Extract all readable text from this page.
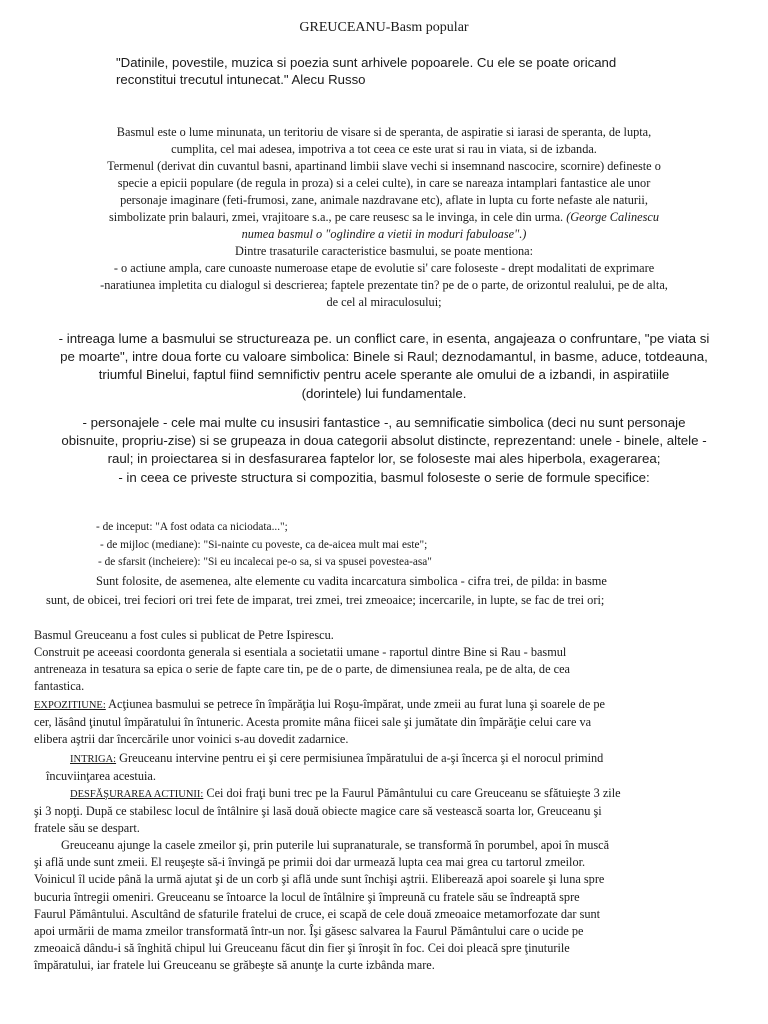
GREUCEANU-Basm popular
"Datinile, povestile, muzica si poezia sunt arhivele popoarele. Cu ele se poate oricand
reconstitui trecutul intunecat." Alecu Russo
Basmul este o lume minunata, un teritoriu de visare si de speranta, de aspiratie si iarasi de speranta, de lupta,
cumplita, cel mai adesea, impotriva a tot ceea ce este urat si rau in viata, si de izbanda.
Termenul (derivat din cuvantul basni, apartinand limbii slave vechi si insemnand nascocire, scornire) defineste o
specie a epicii populare (de regula in proza) si a celei culte), in care se nareaza intamplari fantastice ale unor
personaje imaginare (feti-frumosi, zane, animale nazdravane etc), aflate in lupta cu forte nefaste ale naturii,
simbolizate prin balauri, zmei, vrajitoare s.a., pe care reusesc sa le invinga, in cele din urma. (George Calinescu
numea basmul o "oglindire a vietii in moduri fabuloase".)
Dintre trasaturile caracteristice basmului, se poate mentiona:
- o actiune ampla, care cunoaste numeroase etape de evolutie si' care foloseste - drept modalitati de exprimare
-naratiunea impletita cu dialogul si descrierea; faptele prezentate tin? pe de o parte, de orizontul realului, pe de alta,
de cel al miraculosului;
- intreaga lume a basmului se structureaza pe. un conflict care, in esenta, angajeaza o confruntare, "pe viata si
pe moarte", intre doua forte cu valoare simbolica: Binele si Raul; deznodamantul, in basme, aduce, totdeauna,
triumful Binelui, faptul fiind semnifictiv pentru acele sperante ale omului de a izbandi, in aspiratiile
(dorintele) lui fundamentale.
- personajele - cele mai multe cu insusiri fantastice -, au semnificatie simbolica (deci nu sunt personaje
obisnuite, propriu-zise) si se grupeaza in doua categorii absolut distincte, reprezentand: unele - binele, altele -
raul; in proiectarea si in desfasurarea faptelor lor, se foloseste mai ales hiperbola, exagerarea;
- in ceea ce priveste structura si compozitia, basmul foloseste o serie de formule specifice:
- de inceput: "A fost odata ca niciodata...";
- de mijloc (mediane): "Si-nainte cu poveste, ca de-aicea mult mai este";
- de sfarsit (incheiere): "Si eu incalecai pe-o sa, si va spusei povestea-asa"
Sunt folosite, de asemenea, alte elemente cu vadita incarcatura simbolica - cifra trei, de pilda: in basme
sunt, de obicei, trei feciori ori trei fete de imparat, trei zmei, trei zmeoaice; incercarile, in lupte, se fac de trei ori;
Basmul Greuceanu a fost cules si publicat de Petre Ispirescu.
Construit pe aceeasi coordonta generala si esentiala a societatii umane - raportul dintre Bine si Rau - basmul
antreneaza in tesatura sa epica o serie de fapte care tin, pe de o parte, de dimensiunea reala, pe de alta, de cea
fantastica.
EXPOZITIUNE: Acţiunea basmului se petrece în împărăţia lui Roşu-împărat, unde zmeii au furat luna şi soarele de pe
cer, lăsând ţinutul împăratului în întuneric. Acesta promite mâna fiicei sale şi jumătate din împărăţie celui care va
elibera aştrii dar încercările unor voinici s-au dovedit zadarnice.
INTRIGA: Greuceanu intervine pentru ei şi cere permisiunea împăratului de a-şi încerca şi el norocul primind
încuviinţarea acestuia.
DESFĂŞURAREA ACTIUNII: Cei doi fraţi buni trec pe la Faurul Pământului cu care Greuceanu se sfătuieşte 3 zile
şi 3 nopţi. După ce stabilesc locul de întâlnire şi lasă două obiecte magice care să vestească soarta lor, Greuceanu şi
fratele său se despart.
Greuceanu ajunge la casele zmeilor şi, prin puterile lui supranaturale, se transformă în porumbel, apoi în muscă
şi află unde sunt zmeii. El reuşeşte să-i învingă pe primii doi dar urmează lupta cea mai grea cu tartorul zmeilor.
Voinicul îl ucide până la urmă ajutat şi de un corb şi află unde sunt închişi aştrii. Eliberează apoi soarele şi luna spre
bucuria întregii omeniri. Greuceanu se întoarce la locul de întâlnire şi împreună cu fratele său se îndreaptă spre
Faurul Pământului. Ascultând de sfaturile fratelui de cruce, ei scapă de cele două zmeoaice metamorfozate dar sunt
apoi urmării de mama zmeilor transformată într-un nor. Îşi găsesc salvarea la Faurul Pământului care o ucide pe
zmeoaică dându-i să înghită chipul lui Greuceanu făcut din fier şi înroşit în foc. Cei doi pleacă spre ţinuturile
împăratului, iar fratele lui Greuceanu se grăbeşte să anunţe la curte izbânda mare.
